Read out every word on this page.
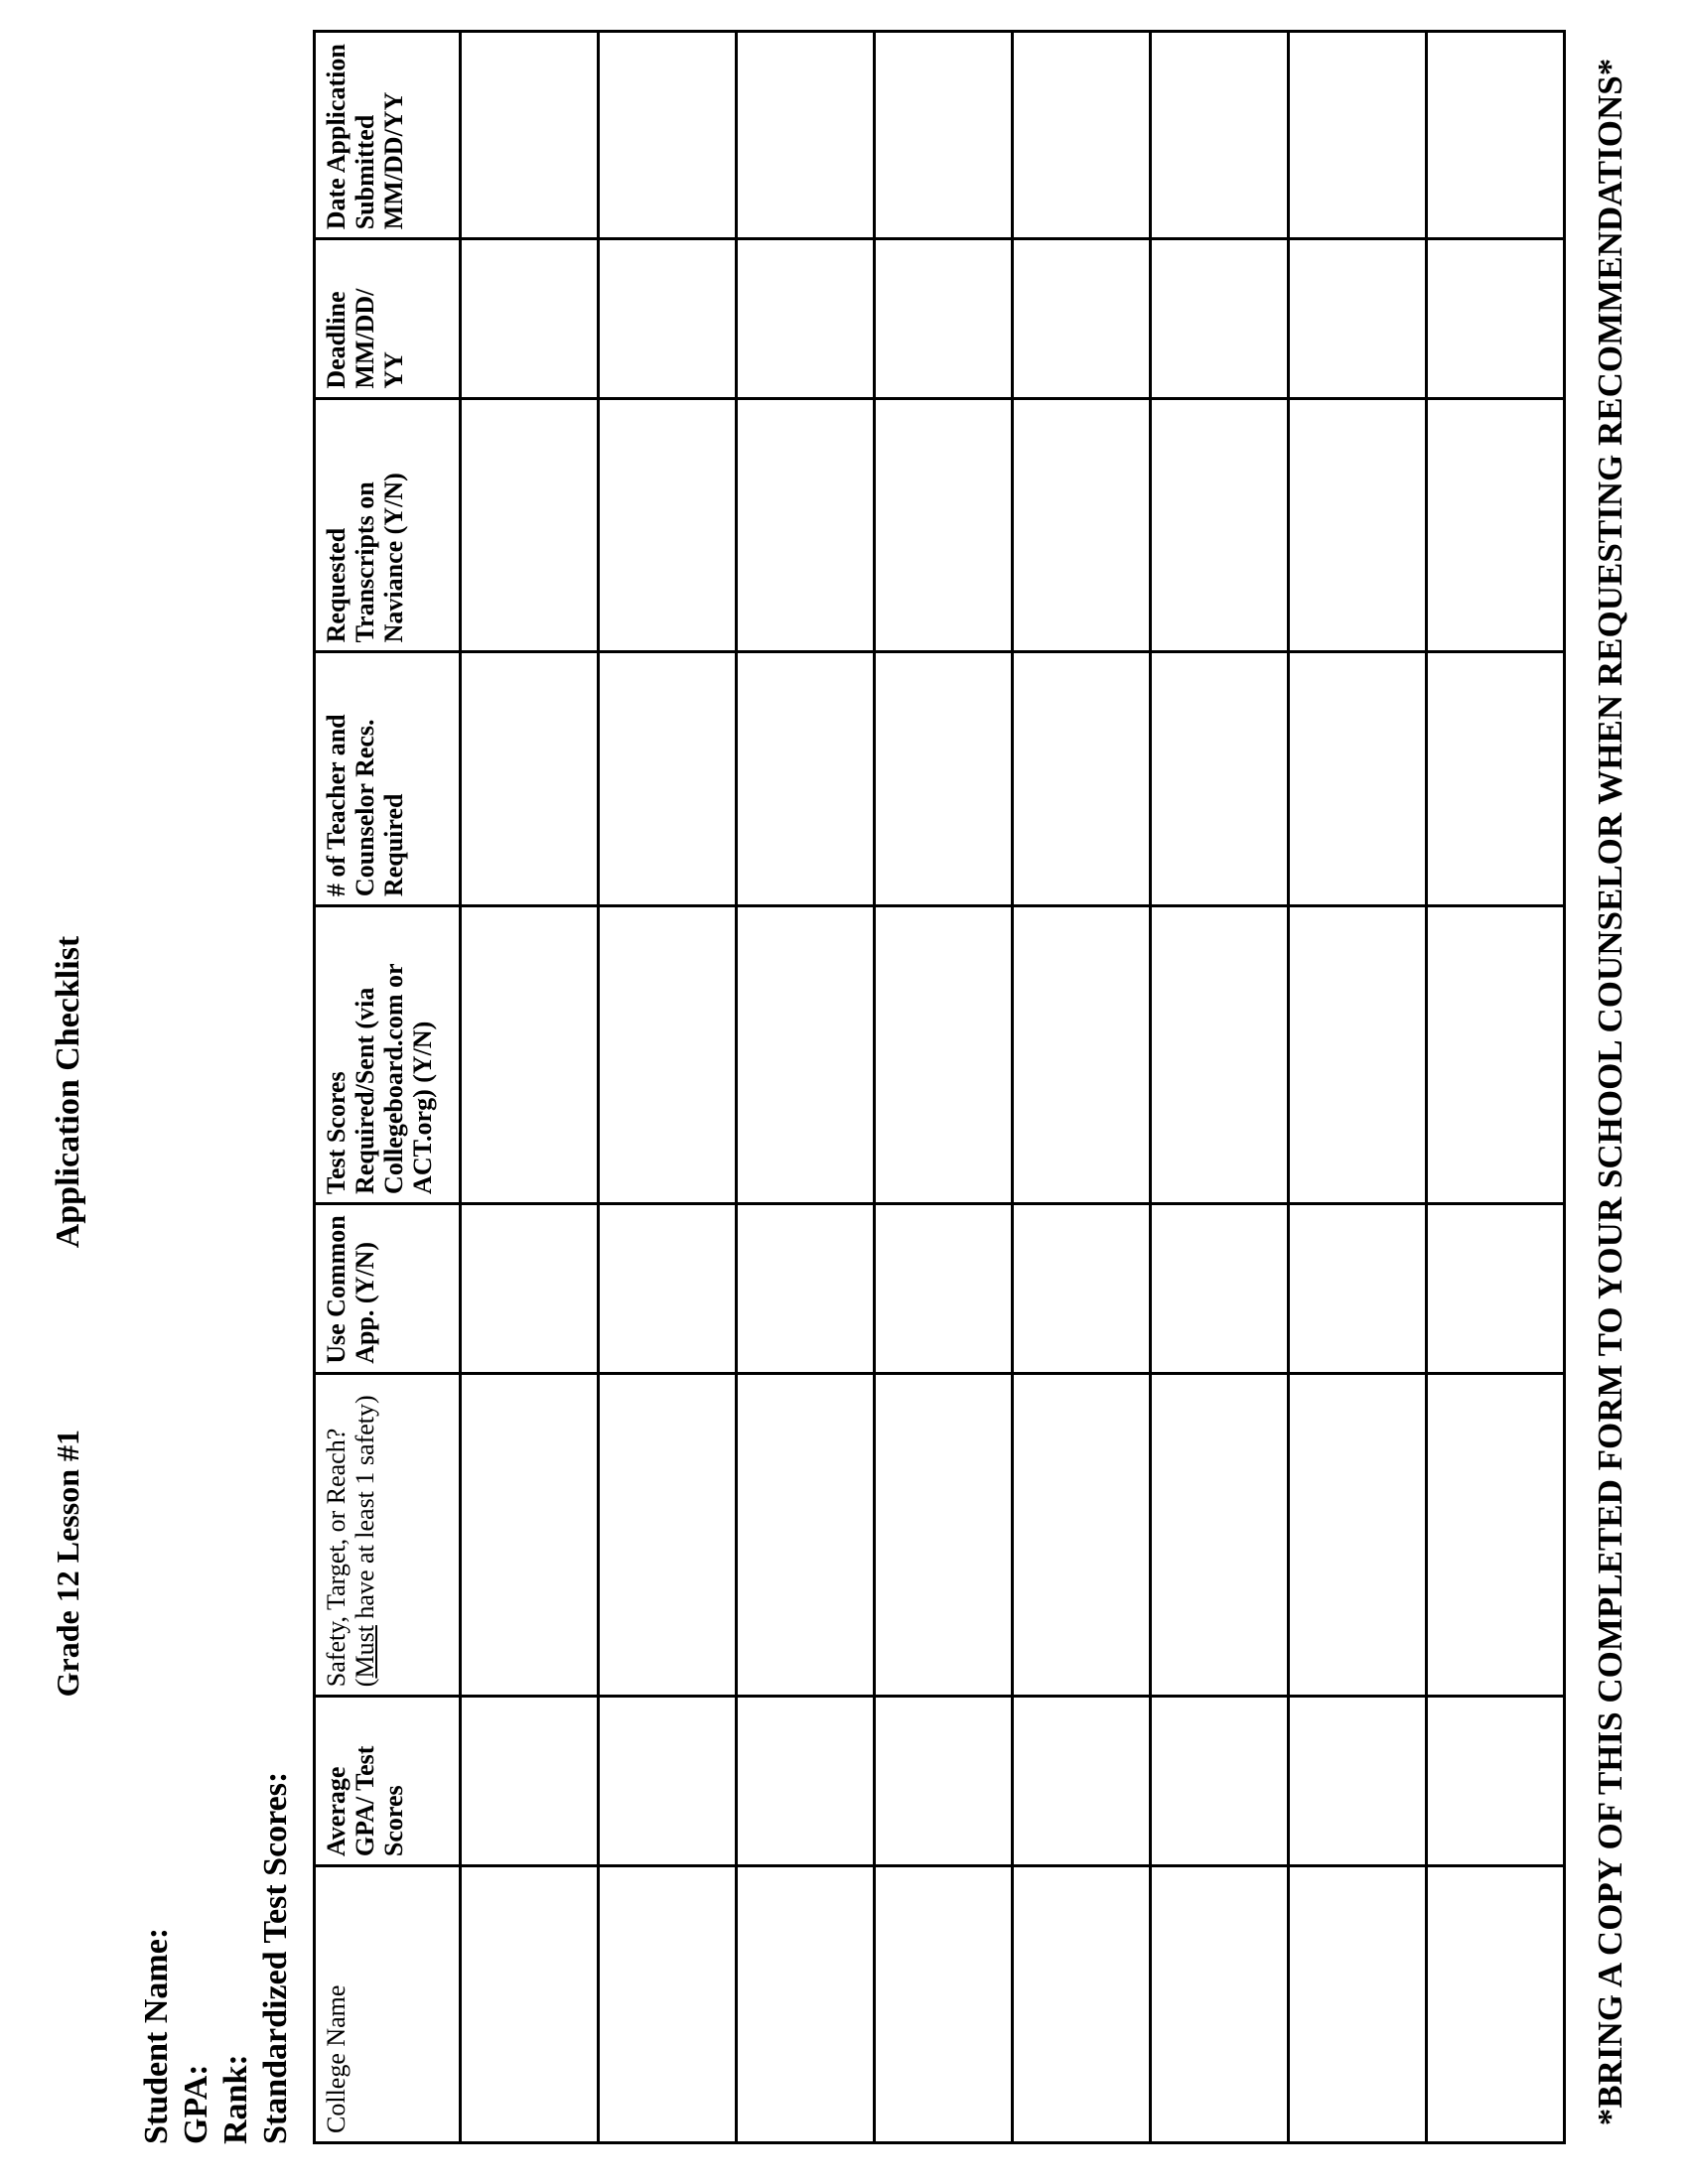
Application Checklist
Grade 12 Lesson #1
Student Name: GPA: Rank: Standardized Test Scores: College Name	Average GPA/ Test Scores	Safety, Target, or Reach? (Must have at least 1 safety)	Use Common App. (Y/N)	Test Scores Required/Sent (via Collegeboard.com or ACT.org) (Y/N)	# of Teacher and Counselor Recs. Required	Requested Transcripts on Naviance (Y/N)	Deadline MM/DD/ YY	Date Application Submitted MM/DD/YY

									*BRING A COPY OF THIS COMPLETED FORM TO YOUR SCHOOL COUNSELOR WHEN REQUESTING RECOMMENDATIONS*
